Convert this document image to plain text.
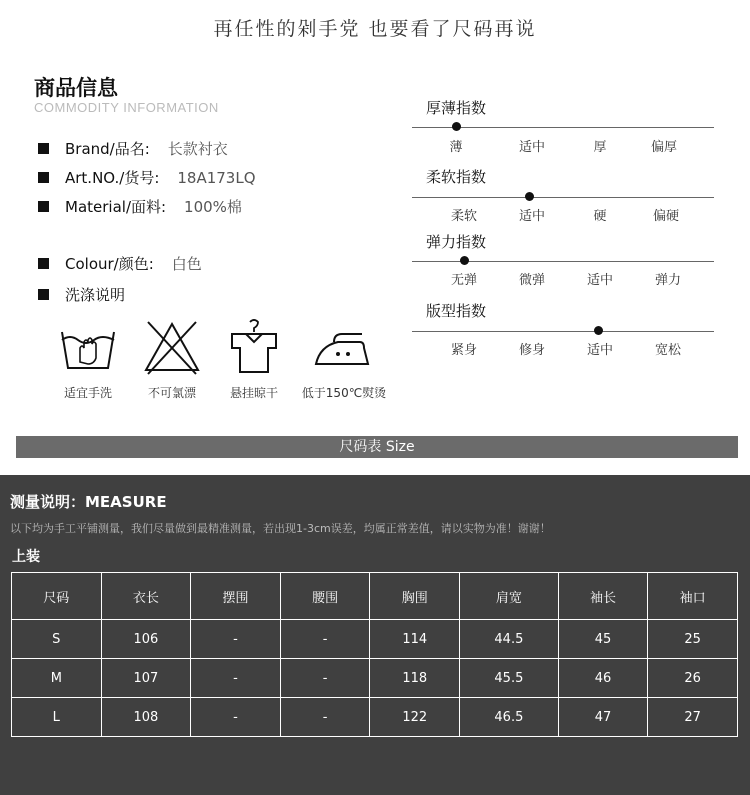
再任性的剁手党 也要看了尺码再说
商品信息
COMMODITY INFORMATION
Brand/品名: 长款衬衣
Art.NO./货号: 18A173LQ
Material/面料: 100%棉
Colour/颜色: 白色
洗涤说明
适宜手洗	不可氯漂	悬挂晾干	低于150℃熨烫
厚薄指数
薄	适中	厚	偏厚
柔软指数
柔软	适中	硬	偏硬
弹力指数
无弹	微弹	适中	弹力
版型指数
紧身	修身	适中	宽松
尺码表 Size
测量说明：MEASURE
以下均为手工平铺测量，我们尽量做到最精准测量，若出现1-3cm误差，均属正常差值，请以实物为准！谢谢！
上装
尺码	衣长	摆围	腰围	胸围	肩宽	袖长	袖口
S	106	-	-	114	44.5	45	25
M	107	-	-	118	45.5	46	26
L	108	-	-	122	46.5	47	27
